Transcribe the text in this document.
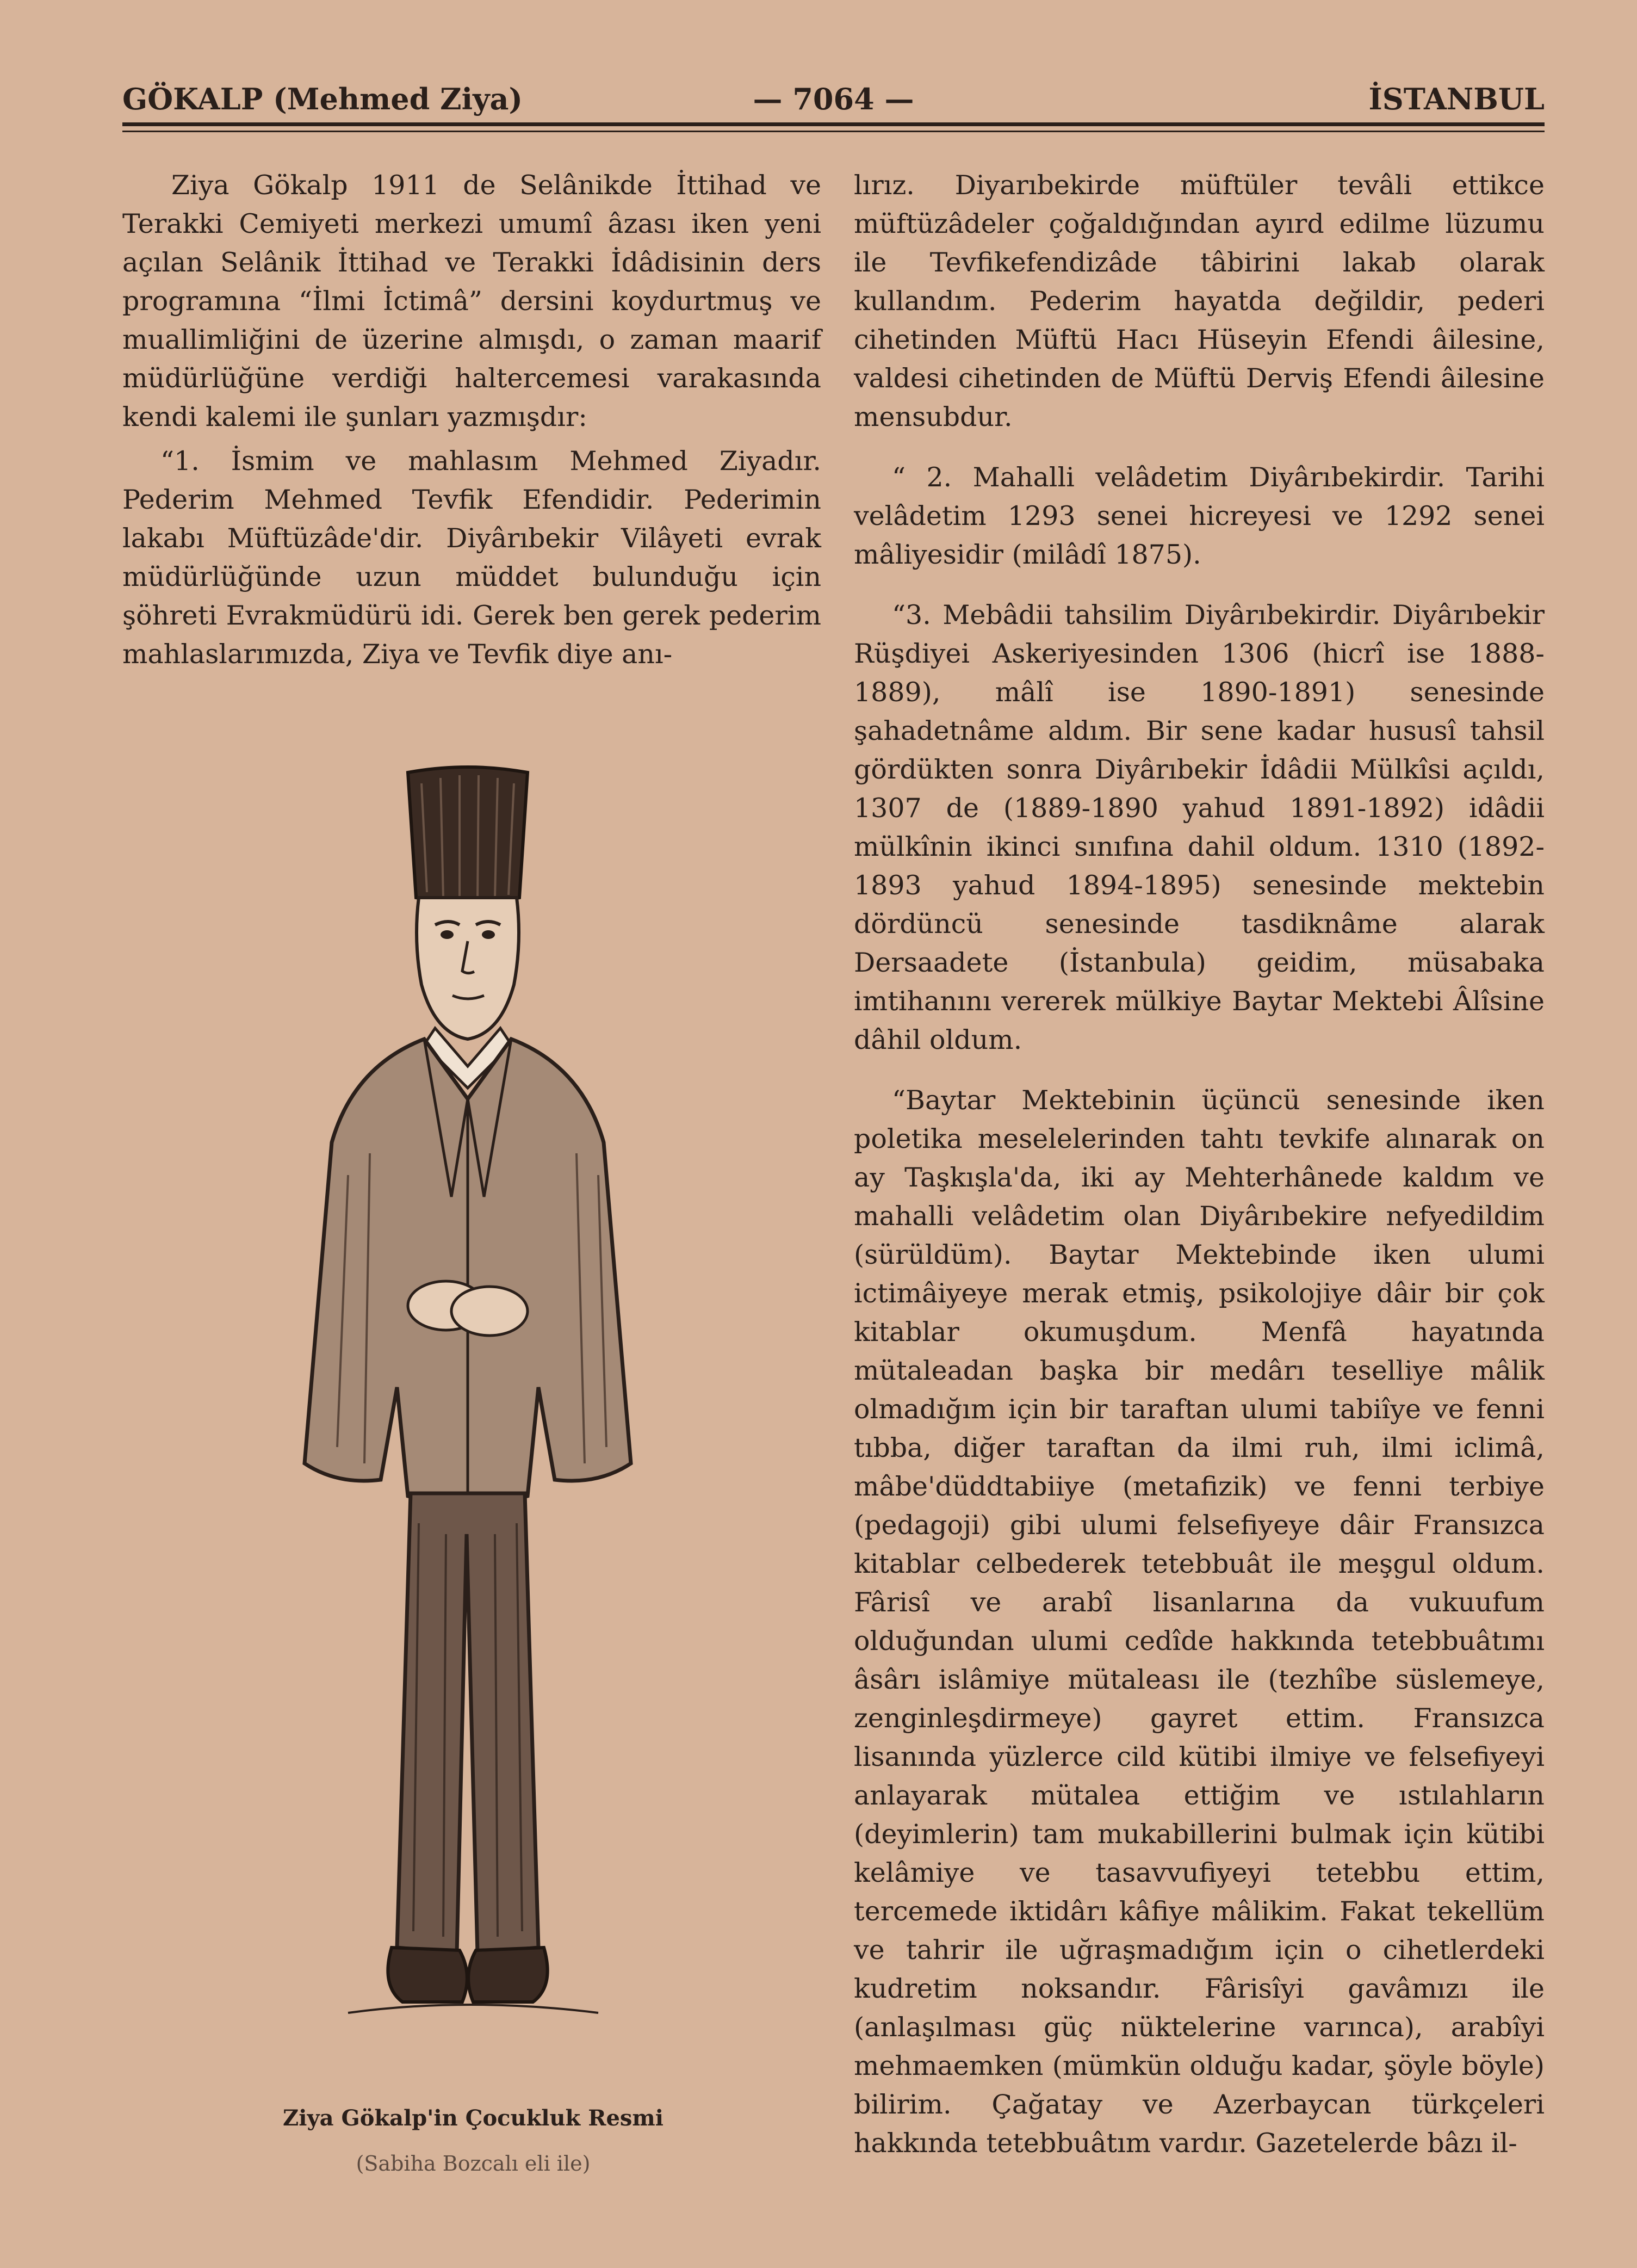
GÖKALP (Mehmed Ziya)	— 7064 —	İSTANBUL

Ziya Gökalp 1911 de Selânikde İttihad ve Terakki Cemiyeti merkezi umumî âzası iken yeni açılan Selânik İttihad ve Terakki İdâdisinin ders programına “İlmi İctimâ” dersini koydurtmuş ve muallimliğini de üzerine almışdı, o zaman maarif müdürlüğüne verdiği haltercemesi varakasında kendi kalemi ile şunları yazmışdır:

“1. İsmim ve mahlasım Mehmed Ziyadır. Pederim Mehmed Tevfik Efendidir. Pederimin lakabı Müftüzâde'dir. Diyârıbekir Vilâyeti evrak müdürlüğünde uzun müddet bulunduğu için şöhreti Evrakmüdürü idi. Gerek ben gerek pederim mahlaslarımızda, Ziya ve Tevfik diye anı-

Ziya Gökalp'in Çocukluk Resmi
(Sabiha Bozcalı eli ile)

lırız. Diyarıbekirde müftüler tevâli ettikce müftüzâdeler çoğaldığından ayırd edilme lüzumu ile Tevfikefendizâde tâbirini lakab olarak kullandım. Pederim hayatda değildir, pederi cihetinden Müftü Hacı Hüseyin Efendi âilesine, valdesi cihetinden de Müftü Derviş Efendi âilesine mensubdur.

“ 2. Mahalli velâdetim Diyârıbekirdir. Tarihi velâdetim 1293 senei hicreyesi ve 1292 senei mâliyesidir (milâdî 1875).

“3. Mebâdii tahsilim Diyârıbekirdir. Diyârıbekir Rüşdiyei Askeriyesinden 1306 (hicrî ise 1888-1889), mâlî ise 1890-1891) senesinde şahadetnâme aldım. Bir sene kadar hususî tahsil gördükten sonra Diyârıbekir İdâdii Mülkîsi açıldı, 1307 de (1889-1890 yahud 1891-1892) idâdii mülkînin ikinci sınıfına dahil oldum. 1310 (1892-1893 yahud 1894-1895) senesinde mektebin dördüncü senesinde tasdiknâme alarak Dersaadete (İstanbula) geidim, müsabaka imtihanını vererek mülkiye Baytar Mektebi Âlîsine dâhil oldum.

“Baytar Mektebinin üçüncü senesinde iken poletika meselelerinden tahtı tevkife alınarak on ay Taşkışla'da, iki ay Mehterhânede kaldım ve mahalli velâdetim olan Diyârıbekire nefyedildim (sürüldüm). Baytar Mektebinde iken ulumi ictimâiyeye merak etmiş, psikolojiye dâir bir çok kitablar okumuşdum. Menfâ hayatında mütaleadan başka bir medârı teselliye mâlik olmadığım için bir taraftan ulumi tabiîye ve fenni tıbba, diğer taraftan da ilmi ruh, ilmi iclimâ, mâbe'düddtabiiye (metafizik) ve fenni terbiye (pedagoji) gibi ulumi felsefiyeye dâir Fransızca kitablar celbederek tetebbuât ile meşgul oldum. Fârisî ve arabî lisanlarına da vukuufum olduğundan ulumi cedîde hakkında tetebbuâtımı âsârı islâmiye mütaleası ile (tezhîbe süslemeye, zenginleşdirmeye) gayret ettim. Fransızca lisanında yüzlerce cild kütibi ilmiye ve felsefiyeyi anlayarak mütalea ettiğim ve ıstılahların (deyimlerin) tam mukabillerini bulmak için kütibi kelâmiye ve tasavvufiyeyi tetebbu ettim, tercemede iktidârı kâfiye mâlikim. Fakat tekellüm ve tahrir ile uğraşmadığım için o cihetlerdeki kudretim noksandır. Fârisîyi gavâmızı ile (anlaşılması güç nüktelerine varınca), arabîyi mehmaemken (mümkün olduğu kadar, şöyle böyle) bilirim. Çağatay ve Azerbaycan türkçeleri hakkında tetebbuâtım vardır. Gazetelerde bâzı il-
